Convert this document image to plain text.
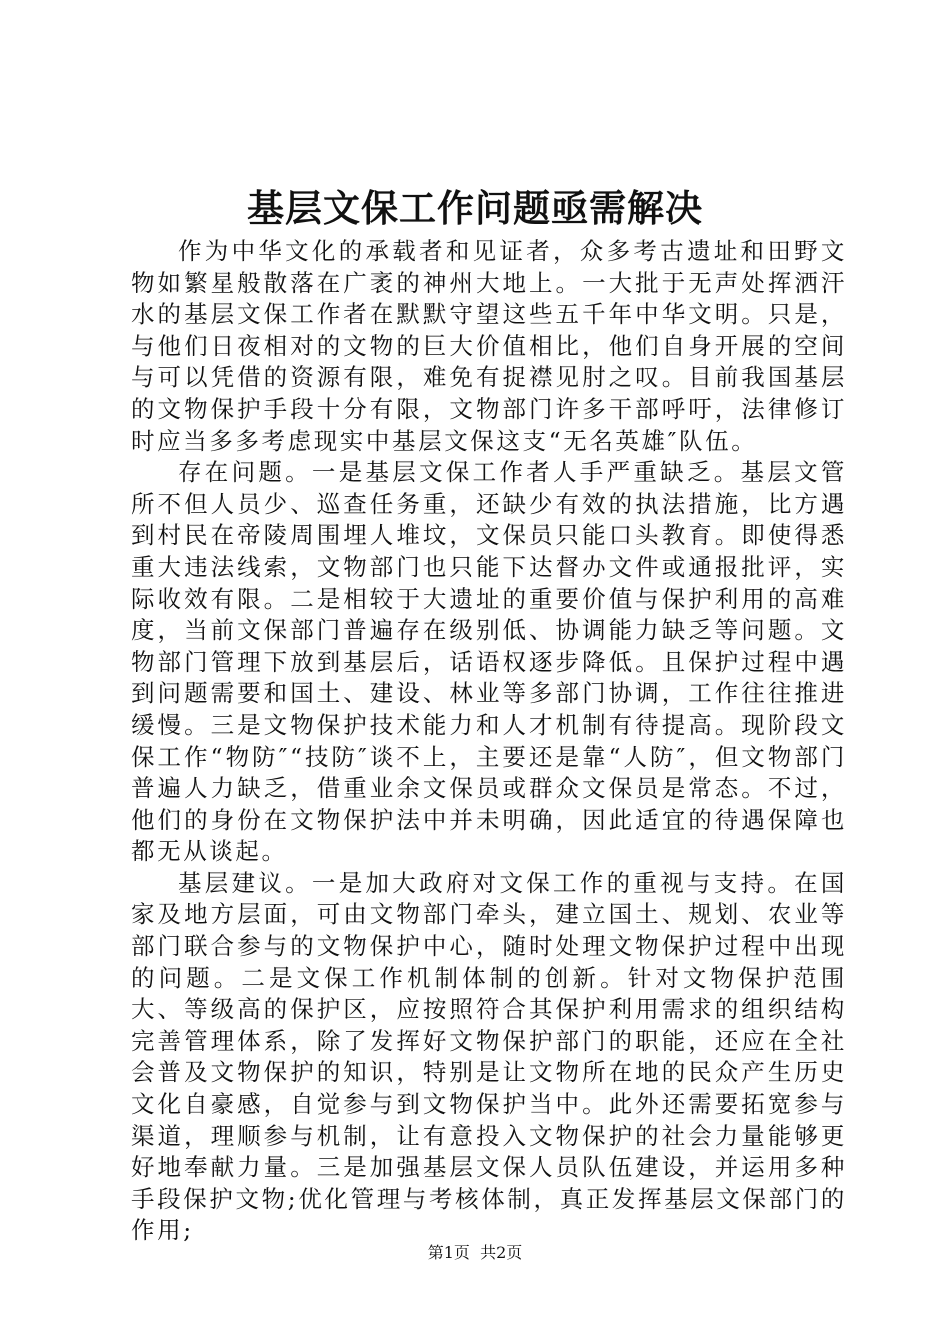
基层文保工作问题亟需解决

作为中华文化的承载者和见证者，众多考古遗址和田野文物如繁星般散落在广袤的神州大地上。一大批于无声处挥洒汗水的基层文保工作者在默默守望这些五千年中华文明。只是，与他们日夜相对的文物的巨大价值相比，他们自身开展的空间与可以凭借的资源有限，难免有捉襟见肘之叹。目前我国基层的文物保护手段十分有限，文物部门许多干部呼吁，法律修订时应当多多考虑现实中基层文保这支“无名英雄″队伍。

存在问题。一是基层文保工作者人手严重缺乏。基层文管所不但人员少、巡查任务重，还缺少有效的执法措施，比方遇到村民在帝陵周围埋人堆坟，文保员只能口头教育。即使得悉重大违法线索，文物部门也只能下达督办文件或通报批评，实际收效有限。二是相较于大遗址的重要价值与保护利用的高难度，当前文保部门普遍存在级别低、协调能力缺乏等问题。文物部门管理下放到基层后，话语权逐步降低。且保护过程中遇到问题需要和国土、建设、林业等多部门协调，工作往往推进缓慢。三是文物保护技术能力和人才机制有待提高。现阶段文保工作“物防″“技防″谈不上，主要还是靠“人防″，但文物部门普遍人力缺乏，借重业余文保员或群众文保员是常态。不过，他们的身份在文物保护法中并未明确，因此适宜的待遇保障也都无从谈起。

基层建议。一是加大政府对文保工作的重视与支持。在国家及地方层面，可由文物部门牵头，建立国土、规划、农业等部门联合参与的文物保护中心，随时处理文物保护过程中出现的问题。二是文保工作机制体制的创新。针对文物保护范围大、等级高的保护区，应按照符合其保护利用需求的组织结构完善管理体系，除了发挥好文物保护部门的职能，还应在全社会普及文物保护的知识，特别是让文物所在地的民众产生历史文化自豪感，自觉参与到文物保护当中。此外还需要拓宽参与渠道，理顺参与机制，让有意投入文物保护的社会力量能够更好地奉献力量。三是加强基层文保人员队伍建设，并运用多种手段保护文物;优化管理与考核体制，真正发挥基层文保部门的作用;

第1页 共2页
